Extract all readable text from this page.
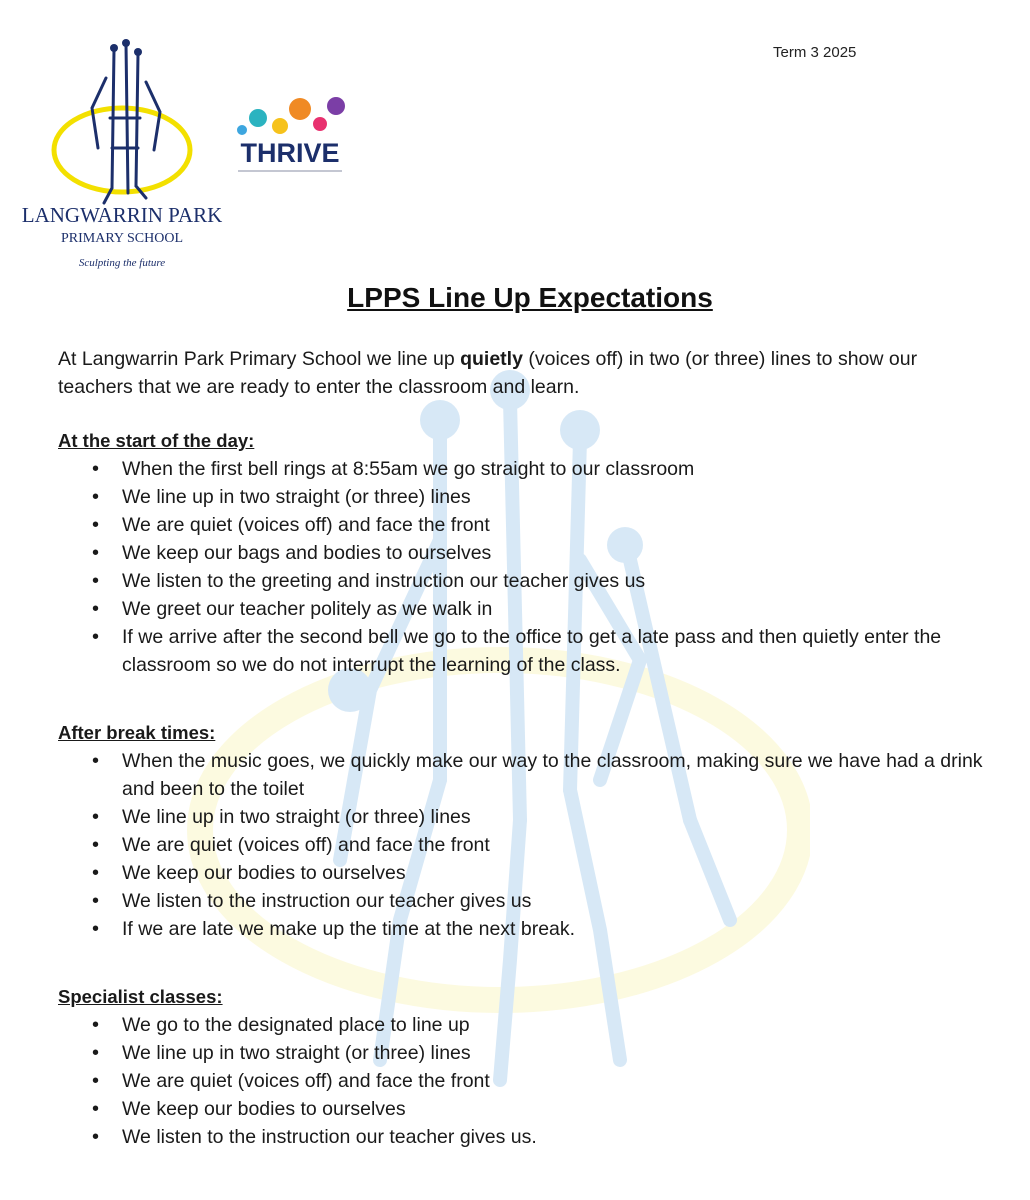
Term 3 2025
LANGWARRIN PARK
PRIMARY SCHOOL
Sculpting the future
THRIVE
LPPS Line Up Expectations

At Langwarrin Park Primary School we line up quietly (voices off) in two (or three) lines to show our teachers that we are ready to enter the classroom and learn.

At the start of the day:

• When the first bell rings at 8:55am we go straight to our classroom
• We line up in two straight (or three) lines
• We are quiet (voices off) and face the front
• We keep our bags and bodies to ourselves
• We listen to the greeting and instruction our teacher gives us
• We greet our teacher politely as we walk in
• If we arrive after the second bell we go to the office to get a late pass and then quietly enter the classroom so we do not interrupt the learning of the class.

After break times:

• When the music goes, we quickly make our way to the classroom, making sure we have had a drink and been to the toilet
• We line up in two straight (or three) lines
• We are quiet (voices off) and face the front
• We keep our bodies to ourselves
• We listen to the instruction our teacher gives us
• If we are late we make up the time at the next break.

Specialist classes:

• We go to the designated place to line up
• We line up in two straight (or three) lines
• We are quiet (voices off) and face the front
• We keep our bodies to ourselves
• We listen to the instruction our teacher gives us.
